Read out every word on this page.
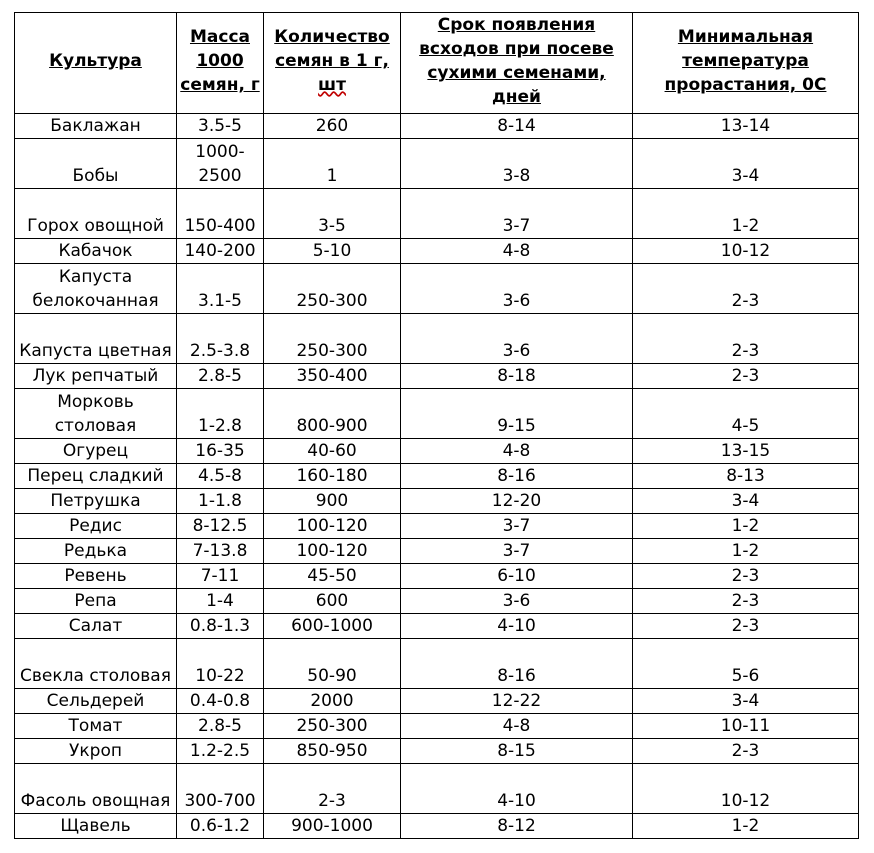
Культура	Масса 1000 семян, г	Количество семян в 1 г, шт	Срок появления всходов при посеве сухими семенами, дней	Минимальная температура прорастания, 0С
Баклажан	3.5-5	260	8-14	13-14
Бобы	1000-2500	1	3-8	3-4
Горох овощной	150-400	3-5	3-7	1-2
Кабачок	140-200	5-10	4-8	10-12
Капуста белокочанная	3.1-5	250-300	3-6	2-3
Капуста цветная	2.5-3.8	250-300	3-6	2-3
Лук репчатый	2.8-5	350-400	8-18	2-3
Морковь столовая	1-2.8	800-900	9-15	4-5
Огурец	16-35	40-60	4-8	13-15
Перец сладкий	4.5-8	160-180	8-16	8-13
Петрушка	1-1.8	900	12-20	3-4
Редис	8-12.5	100-120	3-7	1-2
Редька	7-13.8	100-120	3-7	1-2
Ревень	7-11	45-50	6-10	2-3
Репа	1-4	600	3-6	2-3
Салат	0.8-1.3	600-1000	4-10	2-3
Свекла столовая	10-22	50-90	8-16	5-6
Сельдерей	0.4-0.8	2000	12-22	3-4
Томат	2.8-5	250-300	4-8	10-11
Укроп	1.2-2.5	850-950	8-15	2-3
Фасоль овощная	300-700	2-3	4-10	10-12
Щавель	0.6-1.2	900-1000	8-12	1-2
